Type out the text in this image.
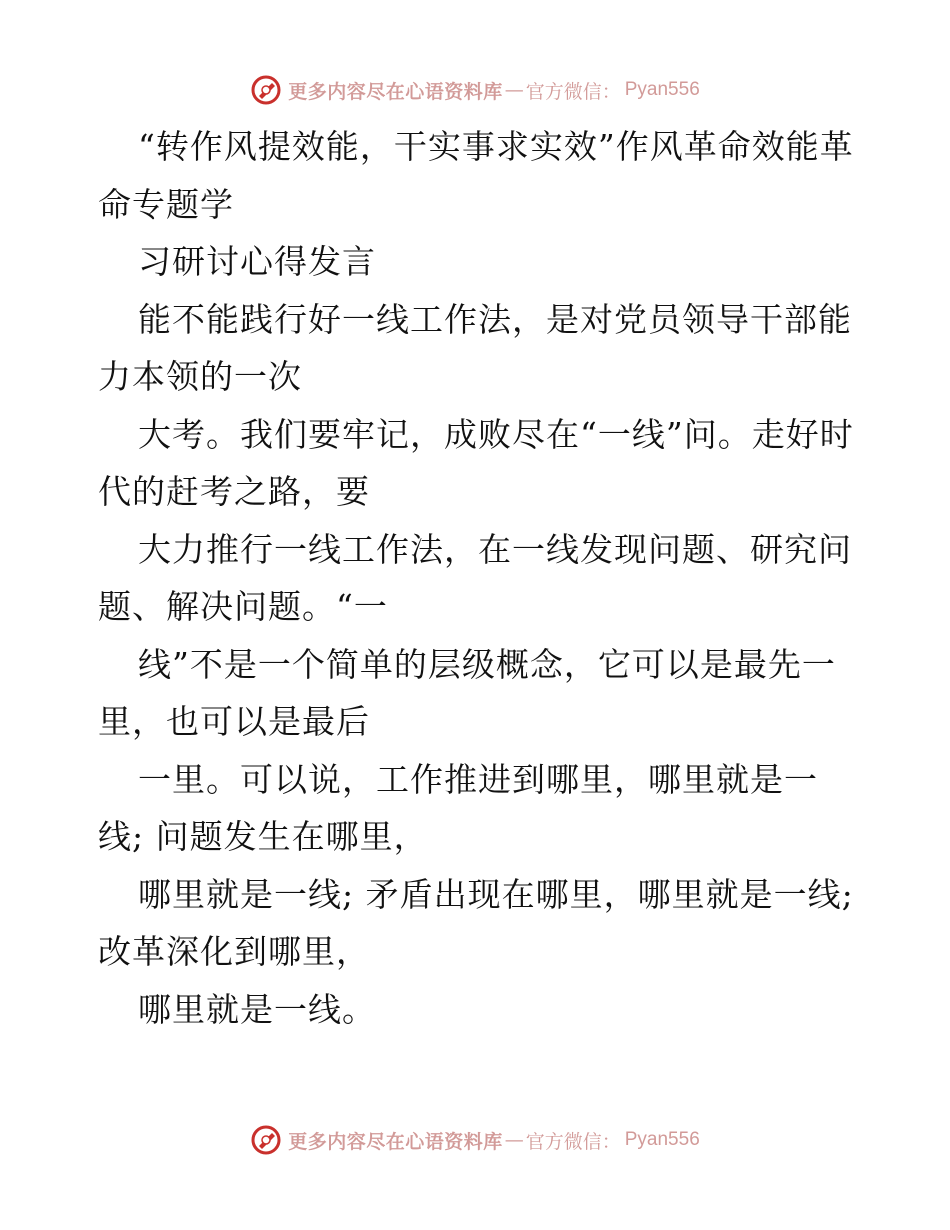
更多内容尽在心语资料库 — 官方微信： Pyan556

“转作风提效能，干实事求实效”作风革命效能革命专题学

习研讨心得发言

能不能践行好一线工作法，是对党员领导干部能力本领的一次

大考。我们要牢记，成败尽在“一线”问。走好时代的赶考之路，要

大力推行一线工作法，在一线发现问题、研究问题、解决问题。“一

线”不是一个简单的层级概念，它可以是最先一里，也可以是最后

一里。可以说，工作推进到哪里，哪里就是一线; 问题发生在哪里，

哪里就是一线; 矛盾出现在哪里，哪里就是一线; 改革深化到哪里，

哪里就是一线。

更多内容尽在心语资料库 — 官方微信： Pyan556
